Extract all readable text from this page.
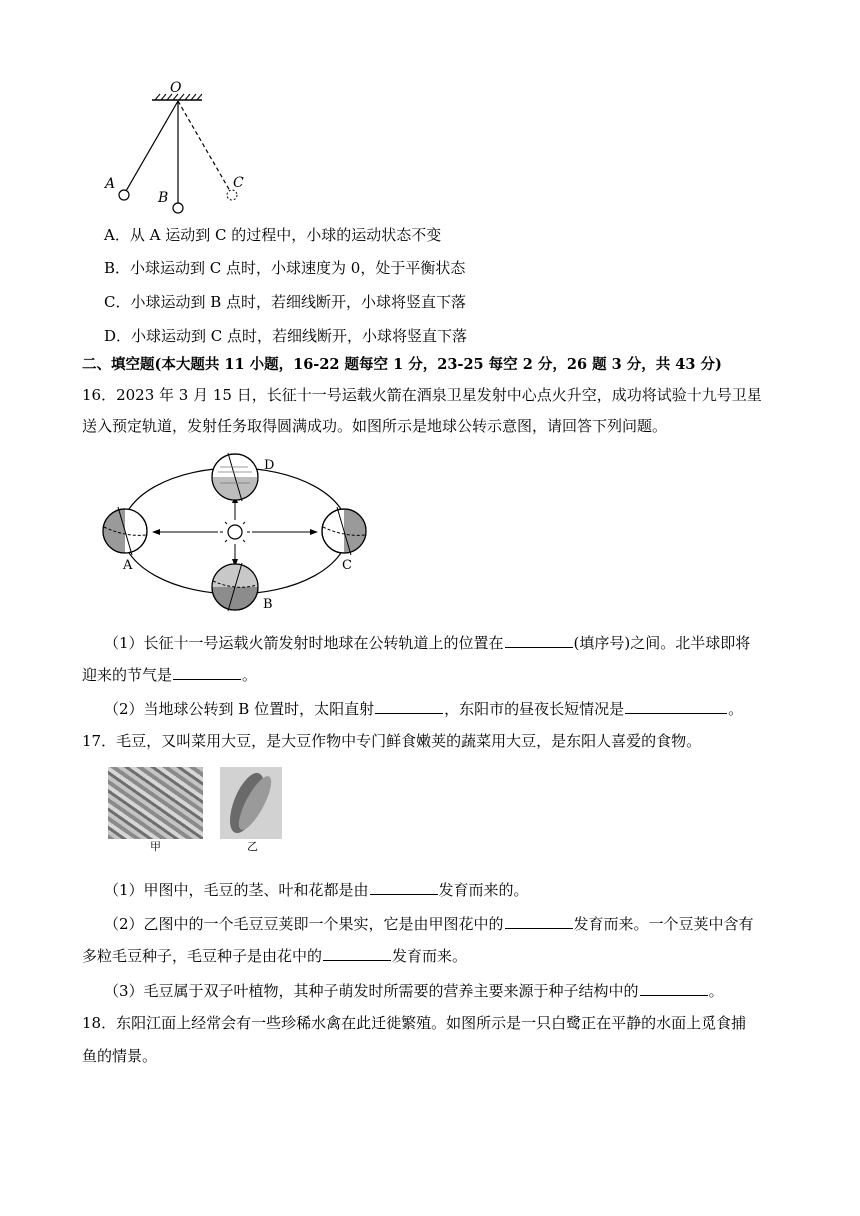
O
A
B
C
A．从 A 运动到 C 的过程中，小球的运动状态不变
B．小球运动到 C 点时，小球速度为 0，处于平衡状态
C．小球运动到 B 点时，若细线断开，小球将竖直下落
D．小球运动到 C 点时，若细线断开，小球将竖直下落
二、填空题(本大题共 11 小题，16-22 题每空 1 分，23-25 每空 2 分，26 题 3 分，共 43 分)
16．2023 年 3 月 15 日，长征十一号运载火箭在酒泉卫星发射中心点火升空，成功将试验十九号卫星
送入预定轨道，发射任务取得圆满成功。如图所示是地球公转示意图，请回答下列问题。
A	C
D
B
（1）长征十一号运载火箭发射时地球在公转轨道上的位置在	(填序号)之间。北半球即将
迎来的节气是	。
（2）当地球公转到 B 位置时，太阳直射	，东阳市的昼夜长短情况是	。
17．毛豆，又叫菜用大豆，是大豆作物中专门鲜食嫩荚的蔬菜用大豆，是东阳人喜爱的食物。
甲	乙
（1）甲图中，毛豆的茎、叶和花都是由	发育而来的。
（2）乙图中的一个毛豆豆荚即一个果实，它是由甲图花中的	发育而来。一个豆荚中含有
多粒毛豆种子，毛豆种子是由花中的	发育而来。
（3）毛豆属于双子叶植物，其种子萌发时所需要的营养主要来源于种子结构中的	。
18．东阳江面上经常会有一些珍稀水禽在此迁徙繁殖。如图所示是一只白鹭正在平静的水面上觅食捕
鱼的情景。
